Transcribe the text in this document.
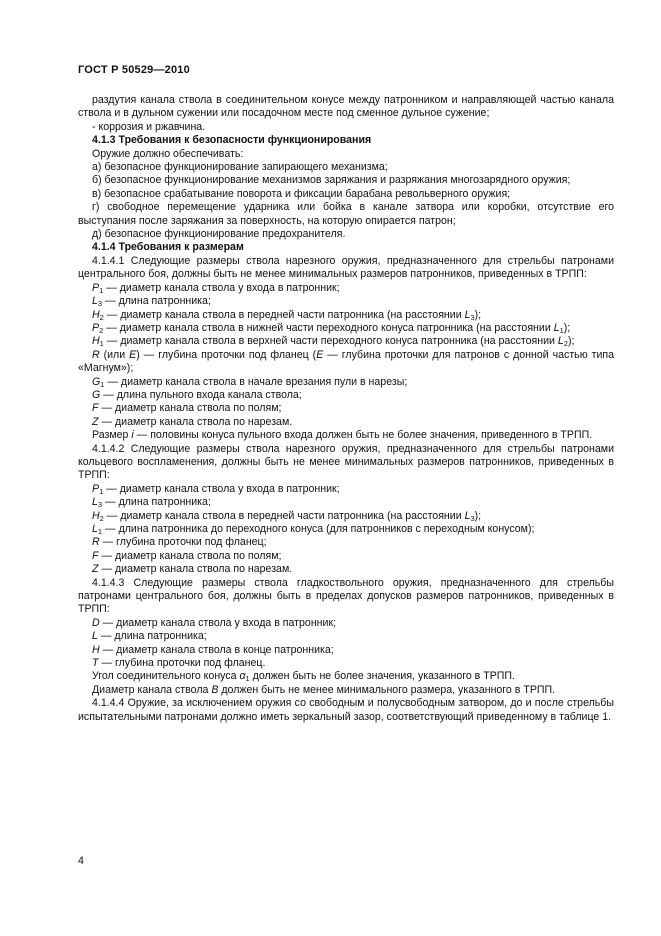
ГОСТ Р 50529—2010
раздутия канала ствола в соединительном конусе между патронником и направляющей частью канала ствола и в дульном сужении или посадочном месте под сменное дульное сужение;
- коррозия и ржавчина.
4.1.3 Требования к безопасности функционирования
Оружие должно обеспечивать:
а) безопасное функционирование запирающего механизма;
б) безопасное функционирование механизмов заряжания и разряжания многозарядного оружия;
в) безопасное срабатывание поворота и фиксации барабана револьверного оружия;
г) свободное перемещение ударника или бойка в канале затвора или коробки, отсутствие его выступания после заряжания за поверхность, на которую опирается патрон;
д) безопасное функционирование предохранителя.
4.1.4 Требования к размерам
4.1.4.1 Следующие размеры ствола нарезного оружия, предназначенного для стрельбы патронами центрального боя, должны быть не менее минимальных размеров патронников, приведенных в ТРПП:
$P_1$ — диаметр канала ствола у входа в патронник;
$L_3$ — длина патронника;
$H_2$ — диаметр канала ствола в передней части патронника (на расстоянии $L_3$);
$P_2$ — диаметр канала ствола в нижней части переходного конуса патронника (на расстоянии $L_1$);
$H_1$ — диаметр канала ствола в верхней части переходного конуса патронника (на расстоянии $L_2$);
R (или E) — глубина проточки под фланец (E — глубина проточки для патронов с донной частью типа «Магнум»);
$G_1$ — диаметр канала ствола в начале врезания пули в нарезы;
G — длина пульного входа канала ствола;
F — диаметр канала ствола по полям;
Z — диаметр канала ствола по нарезам.
Размер i — половины конуса пульного входа должен быть не более значения, приведенного в ТРПП.
4.1.4.2 Следующие размеры ствола нарезного оружия, предназначенного для стрельбы патронами кольцевого воспламенения, должны быть не менее минимальных размеров патронников, приведенных в ТРПП:
$P_1$ — диаметр канала ствола у входа в патронник;
$L_3$ — длина патронника;
$H_2$ — диаметр канала ствола в передней части патронника (на расстоянии $L_3$);
$L_1$ — длина патронника до переходного конуса (для патронников с переходным конусом);
R — глубина проточки под фланец;
F — диаметр канала ствола по полям;
Z — диаметр канала ствола по нарезам.
4.1.4.3 Следующие размеры ствола гладкоствольного оружия, предназначенного для стрельбы патронами центрального боя, должны быть в пределах допусков размеров патронников, приведенных в ТРПП:
D — диаметр канала ствола у входа в патронник;
L — длина патронника;
H — диаметр канала ствола в конце патронника;
T — глубина проточки под фланец.
Угол соединительного конуса $\alpha_1$ должен быть не более значения, указанного в ТРПП.
Диаметр канала ствола B должен быть не менее минимального размера, указанного в ТРПП.
4.1.4.4 Оружие, за исключением оружия со свободным и полусвободным затвором, до и после стрельбы испытательными патронами должно иметь зеркальный зазор, соответствующий приведенному в таблице 1.
4
